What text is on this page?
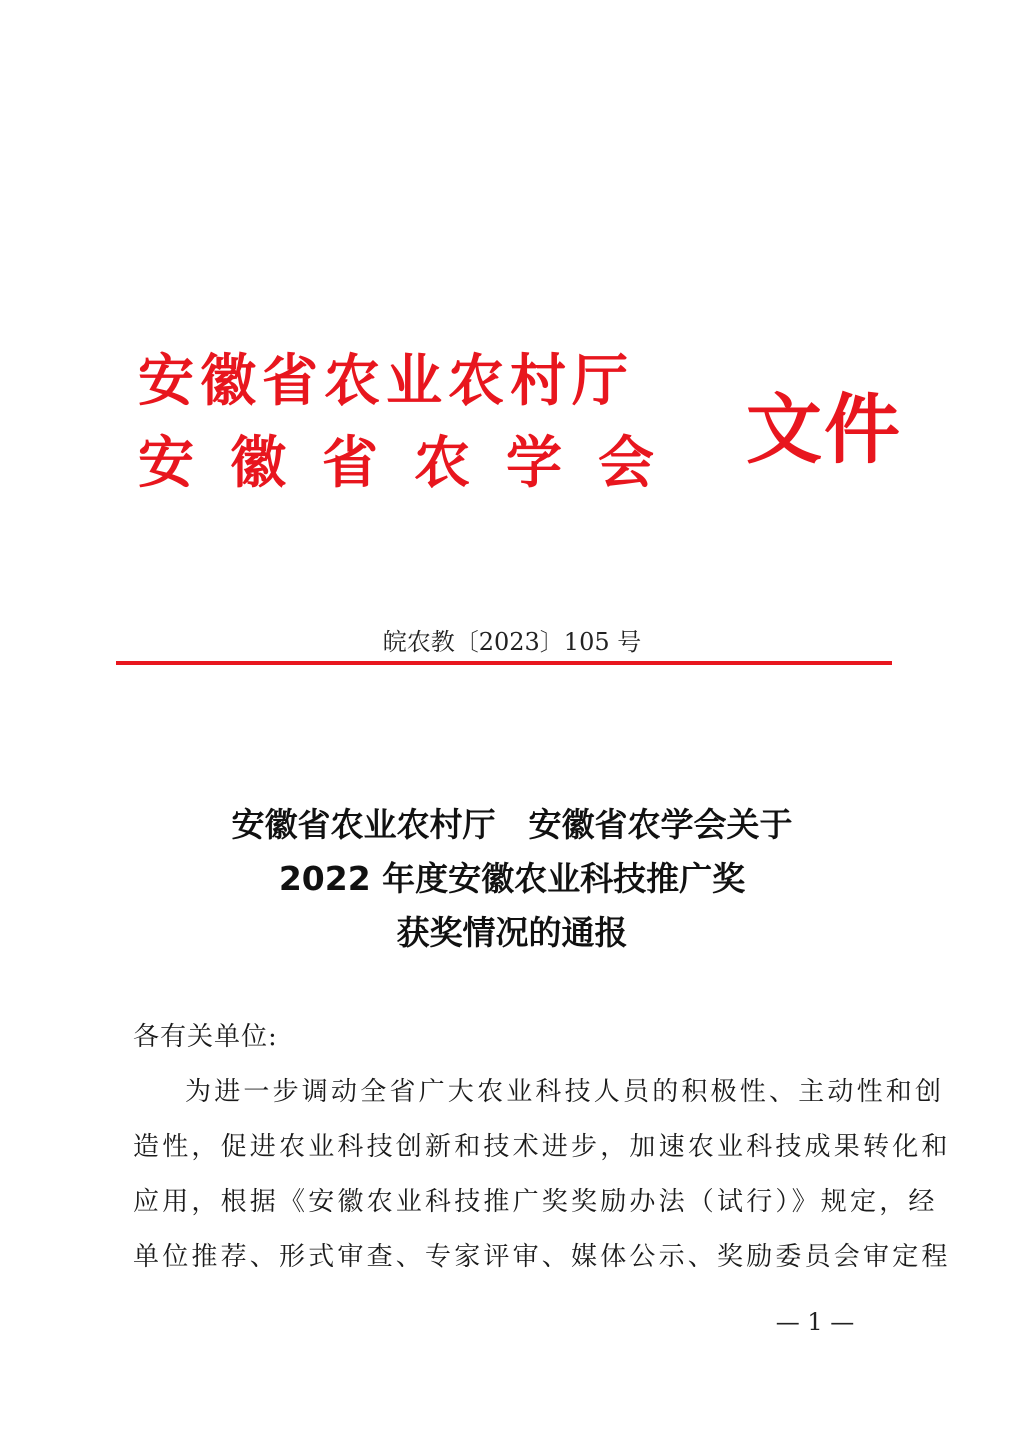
安徽省农业农村厅
安徽省农学会 文件
皖农教〔2023〕105 号
安徽省农业农村厅　安徽省农学会关于
2022 年度安徽农业科技推广奖
获奖情况的通报

各有关单位:

为进一步调动全省广大农业科技人员的积极性、主动性和创

造性，促进农业科技创新和技术进步，加速农业科技成果转化和

应用，根据《安徽农业科技推广奖奖励办法（试行）》规定，经

单位推荐、形式审查、专家评审、媒体公示、奖励委员会审定程

— 1 —
